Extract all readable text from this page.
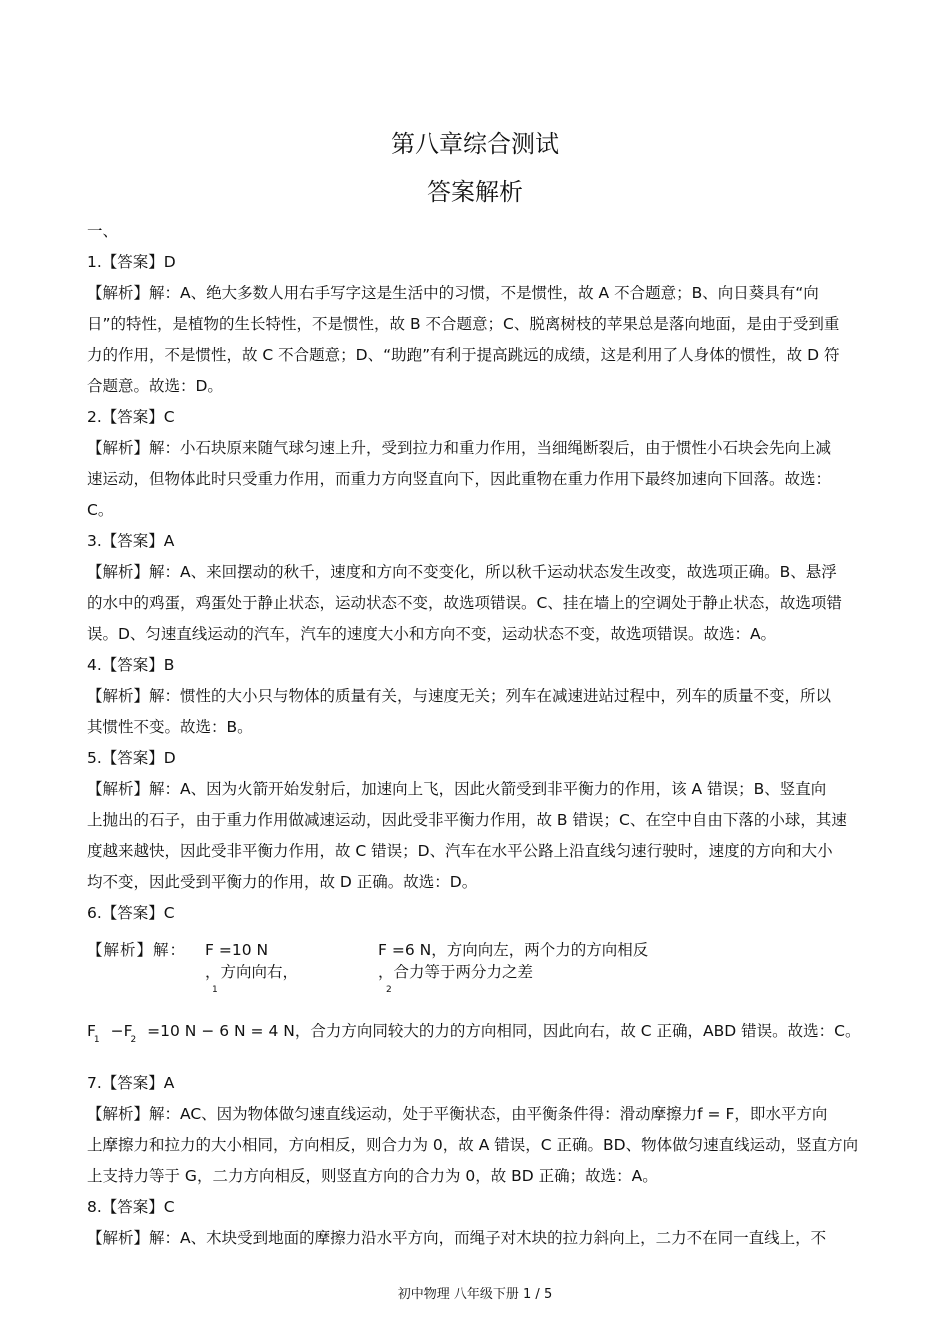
第八章综合测试
答案解析
一、
1.【答案】D
【解析】解：A、绝大多数人用右手写字这是生活中的习惯，不是惯性，故 A 不合题意；B、向日葵具有“向
日”的特性，是植物的生长特性，不是惯性，故 B 不合题意；C、脱离树枝的苹果总是落向地面，是由于受到重
力的作用，不是惯性，故 C 不合题意；D、“助跑”有利于提高跳远的成绩，这是利用了人身体的惯性，故 D 符
合题意。故选：D。
2.【答案】C
【解析】解：小石块原来随气球匀速上升，受到拉力和重力作用，当细绳断裂后，由于惯性小石块会先向上减
速运动，但物体此时只受重力作用，而重力方向竖直向下，因此重物在重力作用下最终加速向下回落。故选：
C。
3.【答案】A
【解析】解：A、来回摆动的秋千，速度和方向不变变化，所以秋千运动状态发生改变，故选项正确。B、悬浮
的水中的鸡蛋，鸡蛋处于静止状态，运动状态不变，故选项错误。C、挂在墙上的空调处于静止状态，故选项错
误。D、匀速直线运动的汽车，汽车的速度大小和方向不变，运动状态不变，故选项错误。故选：A。
4.【答案】B
【解析】解：惯性的大小只与物体的质量有关，与速度无关；列车在减速进站过程中，列车的质量不变，所以
其惯性不变。故选：B。
5.【答案】D
【解析】解：A、因为火箭开始发射后，加速向上飞，因此火箭受到非平衡力的作用，该 A 错误；B、竖直向
上抛出的石子，由于重力作用做减速运动，因此受非平衡力作用，故 B 错误；C、在空中自由下落的小球，其速
度越来越快，因此受非平衡力作用，故 C 错误；D、汽车在水平公路上沿直线匀速行驶时，速度的方向和大小
均不变，因此受到平衡力的作用，故 D 正确。故选：D。
6.【答案】C
【解析】解： F =10 N
，方向向右，
1
F =6 N，方向向左，两个力的方向相反
，合力等于两分力之差
2
$F_1 -F_2 =10$ N − 6 N = 4 N，合力方向同较大的力的方向相同，因此向右，故 C 正确，ABD 错误。故选：C。
7.【答案】A
【解析】解：AC、因为物体做匀速直线运动，处于平衡状态，由平衡条件得：滑动摩擦力f = F，即水平方向
上摩擦力和拉力的大小相同，方向相反，则合力为 0，故 A 错误，C 正确。BD、物体做匀速直线运动，竖直方向
上支持力等于 G，二力方向相反，则竖直方向的合力为 0，故 BD 正确；故选：A。
8.【答案】C
【解析】解：A、木块受到地面的摩擦力沿水平方向，而绳子对木块的拉力斜向上，二力不在同一直线上，不
初中物理 八年级下册 1 / 5
